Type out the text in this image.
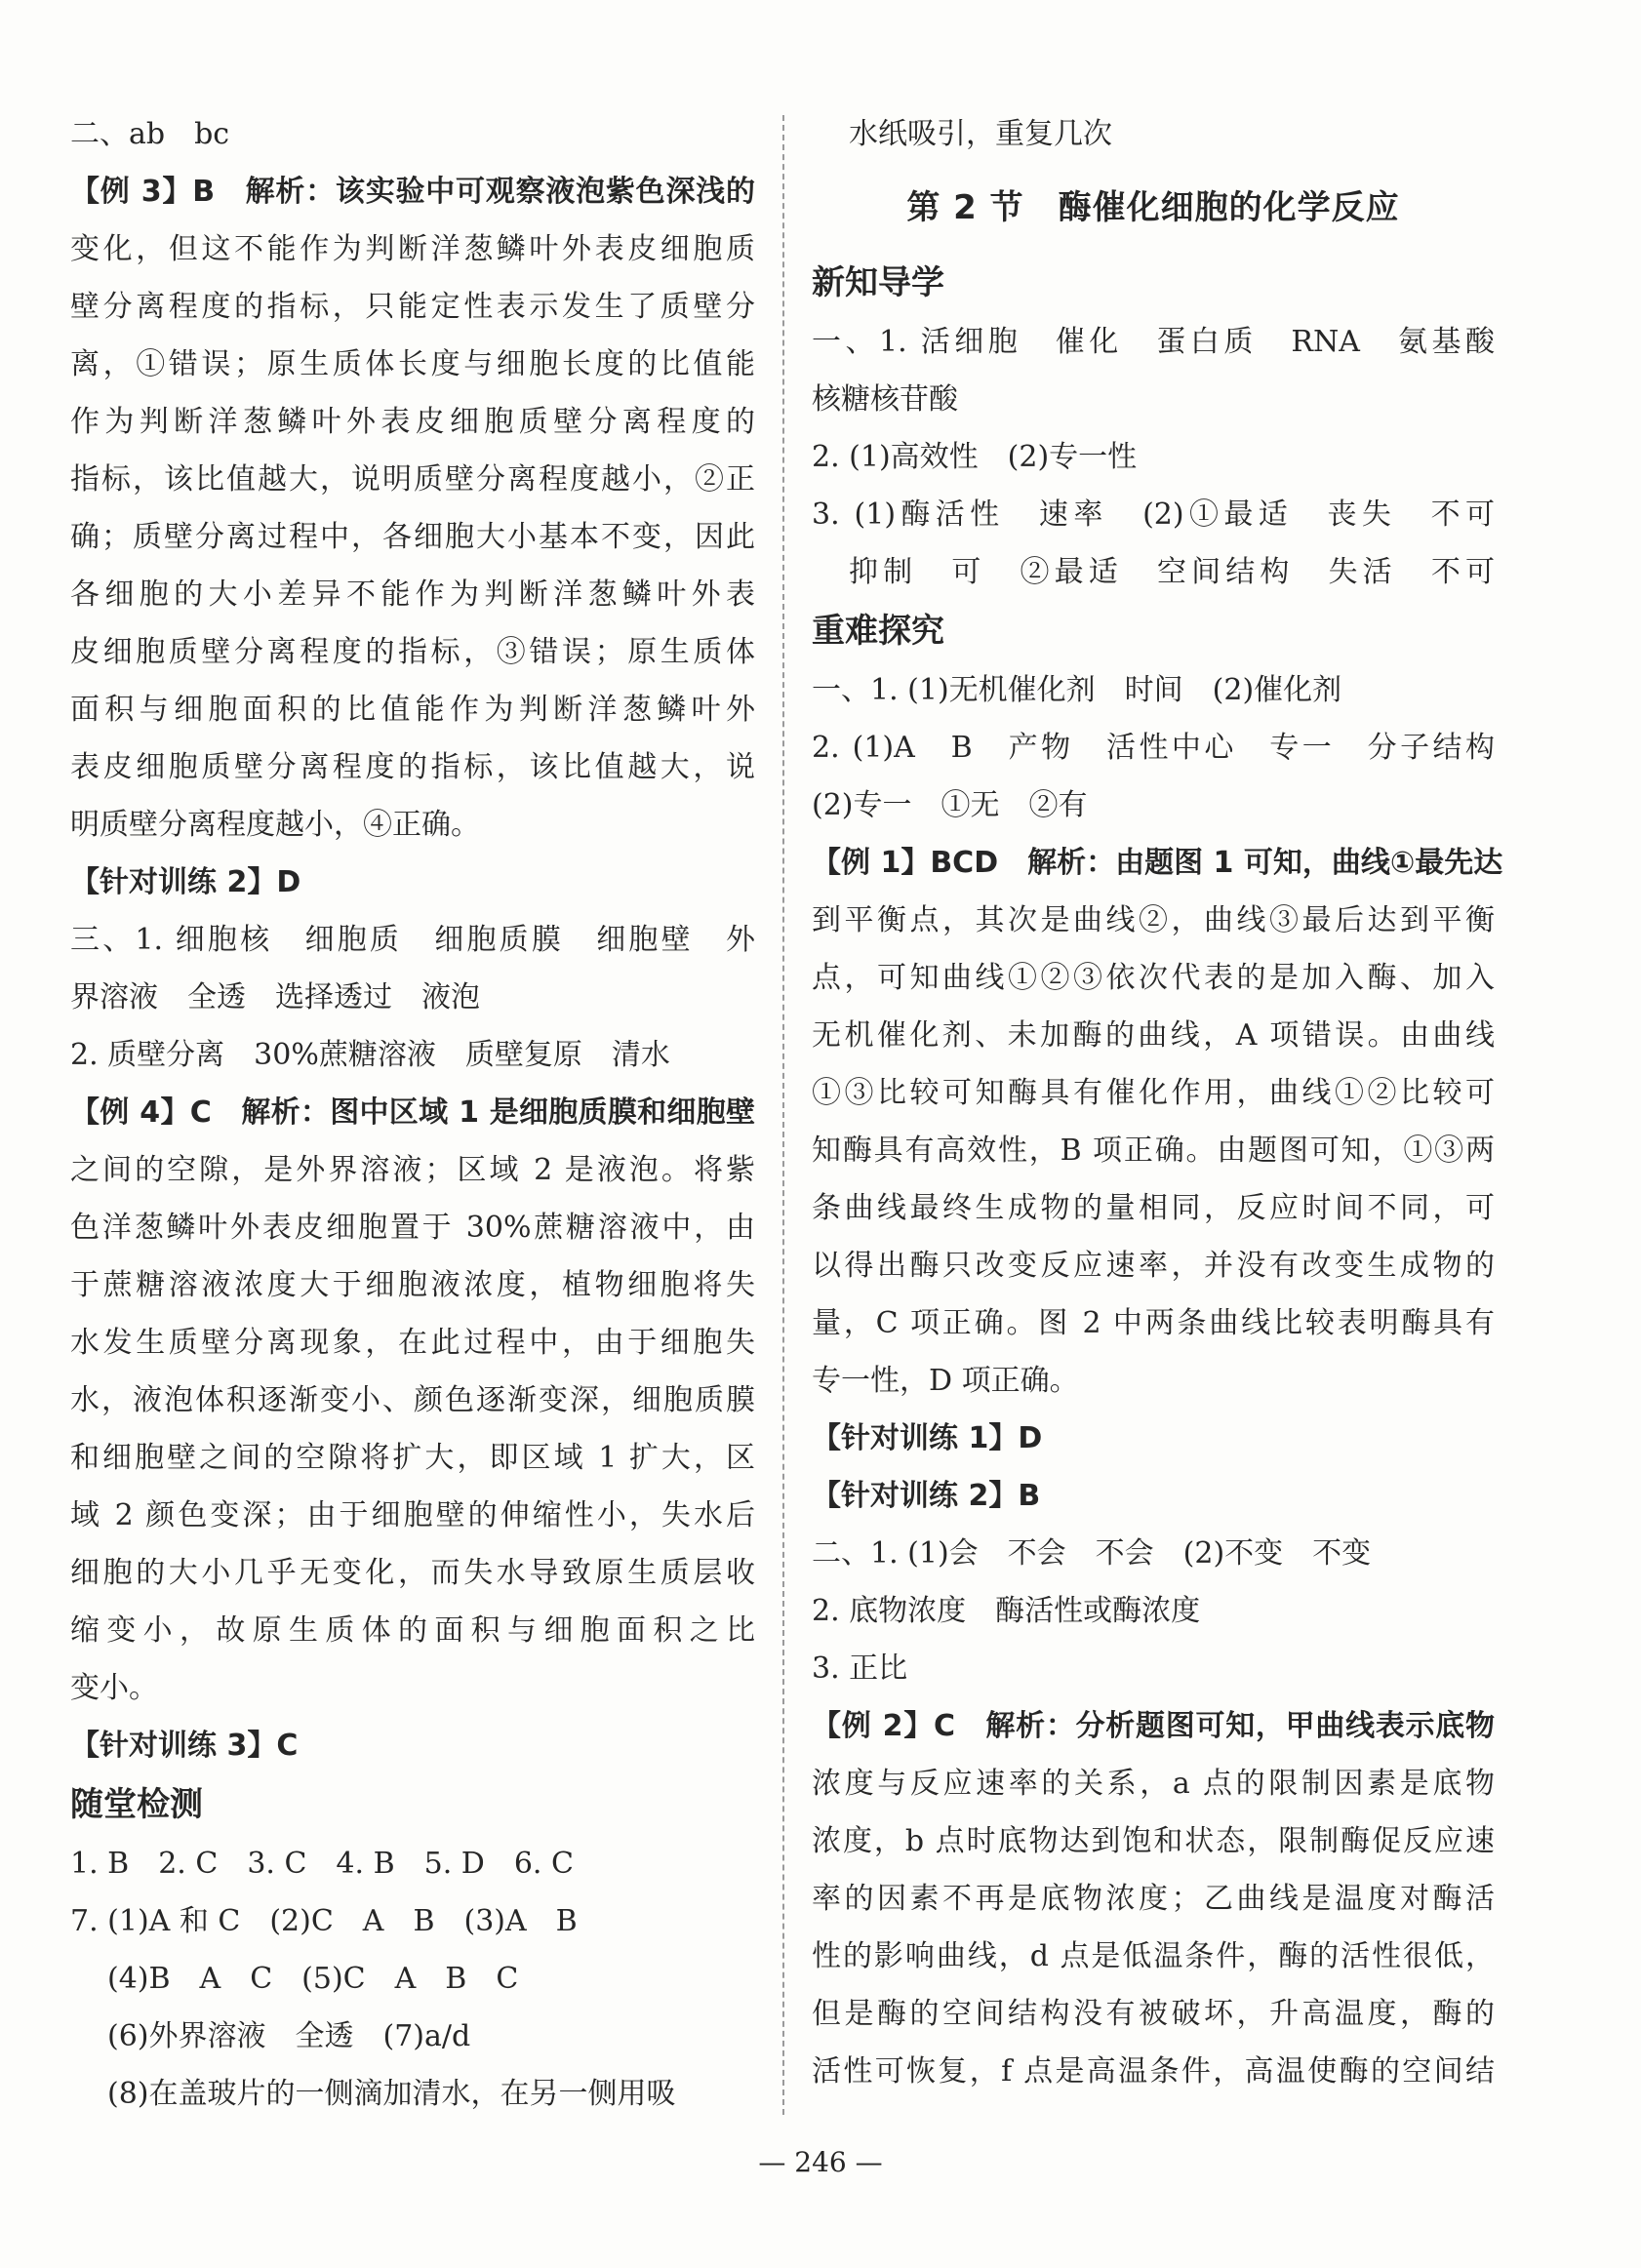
二、ab　bc
【例 3】B　解析：该实验中可观察液泡紫色深浅的
变化，但这不能作为判断洋葱鳞叶外表皮细胞质
壁分离程度的指标，只能定性表示发生了质壁分
离，①错误；原生质体长度与细胞长度的比值能
作为判断洋葱鳞叶外表皮细胞质壁分离程度的
指标，该比值越大，说明质壁分离程度越小，②正
确；质壁分离过程中，各细胞大小基本不变，因此
各细胞的大小差异不能作为判断洋葱鳞叶外表
皮细胞质壁分离程度的指标，③错误；原生质体
面积与细胞面积的比值能作为判断洋葱鳞叶外
表皮细胞质壁分离程度的指标，该比值越大，说
明质壁分离程度越小，④正确。
【针对训练 2】D
三、1. 细胞核　细胞质　细胞质膜　细胞壁　外
界溶液　全透　选择透过　液泡
2. 质壁分离　30%蔗糖溶液　质壁复原　清水
【例 4】C　解析：图中区域 1 是细胞质膜和细胞壁
之间的空隙，是外界溶液；区域 2 是液泡。将紫
色洋葱鳞叶外表皮细胞置于 30%蔗糖溶液中，由
于蔗糖溶液浓度大于细胞液浓度，植物细胞将失
水发生质壁分离现象，在此过程中，由于细胞失
水，液泡体积逐渐变小、颜色逐渐变深，细胞质膜
和细胞壁之间的空隙将扩大，即区域 1 扩大，区
域 2 颜色变深；由于细胞壁的伸缩性小，失水后
细胞的大小几乎无变化，而失水导致原生质层收
缩变小，故原生质体的面积与细胞面积之比
变小。
【针对训练 3】C
随堂检测
1. B　2. C　3. C　4. B　5. D　6. C
7. (1)A 和 C　(2)C　A　B　(3)A　B
(4)B　A　C　(5)C　A　B　C
(6)外界溶液　全透　(7)a/d
(8)在盖玻片的一侧滴加清水，在另一侧用吸
水纸吸引，重复几次
第 2 节　酶催化细胞的化学反应
新知导学
一、1. 活细胞　催化　蛋白质　RNA　氨基酸
核糖核苷酸
2. (1)高效性　(2)专一性
3. (1)酶活性　速率　(2)①最适　丧失　不可
抑制　可　②最适　空间结构　失活　不可
重难探究
一、1. (1)无机催化剂　时间　(2)催化剂
2. (1)A　B　产物　活性中心　专一　分子结构
(2)专一　①无　②有
【例 1】BCD　解析：由题图 1 可知，曲线①最先达
到平衡点，其次是曲线②，曲线③最后达到平衡
点，可知曲线①②③依次代表的是加入酶、加入
无机催化剂、未加酶的曲线，A 项错误。由曲线
①③比较可知酶具有催化作用，曲线①②比较可
知酶具有高效性，B 项正确。由题图可知，①③两
条曲线最终生成物的量相同，反应时间不同，可
以得出酶只改变反应速率，并没有改变生成物的
量，C 项正确。图 2 中两条曲线比较表明酶具有
专一性，D 项正确。
【针对训练 1】D
【针对训练 2】B
二、1. (1)会　不会　不会　(2)不变　不变
2. 底物浓度　酶活性或酶浓度
3. 正比
【例 2】C　解析：分析题图可知，甲曲线表示底物
浓度与反应速率的关系，a 点的限制因素是底物
浓度，b 点时底物达到饱和状态，限制酶促反应速
率的因素不再是底物浓度；乙曲线是温度对酶活
性的影响曲线，d 点是低温条件，酶的活性很低，
但是酶的空间结构没有被破坏，升高温度，酶的
活性可恢复，f 点是高温条件，高温使酶的空间结
— 246 —
